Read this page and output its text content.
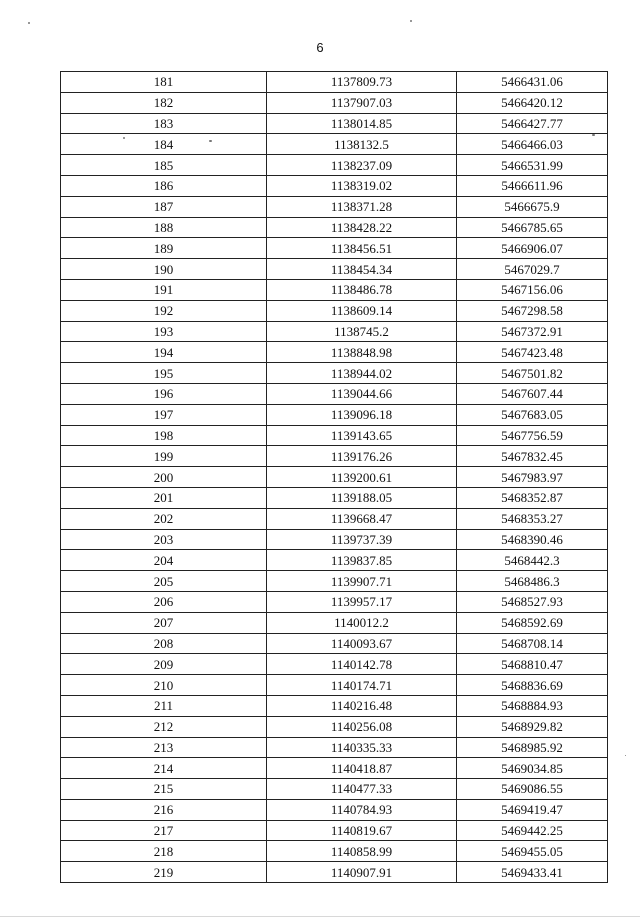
6
181	1137809.73	5466431.06
182	1137907.03	5466420.12
183	1138014.85	5466427.77
184	1138132.5	5466466.03
185	1138237.09	5466531.99
186	1138319.02	5466611.96
187	1138371.28	5466675.9
188	1138428.22	5466785.65
189	1138456.51	5466906.07
190	1138454.34	5467029.7
191	1138486.78	5467156.06
192	1138609.14	5467298.58
193	1138745.2	5467372.91
194	1138848.98	5467423.48
195	1138944.02	5467501.82
196	1139044.66	5467607.44
197	1139096.18	5467683.05
198	1139143.65	5467756.59
199	1139176.26	5467832.45
200	1139200.61	5467983.97
201	1139188.05	5468352.87
202	1139668.47	5468353.27
203	1139737.39	5468390.46
204	1139837.85	5468442.3
205	1139907.71	5468486.3
206	1139957.17	5468527.93
207	1140012.2	5468592.69
208	1140093.67	5468708.14
209	1140142.78	5468810.47
210	1140174.71	5468836.69
211	1140216.48	5468884.93
212	1140256.08	5468929.82
213	1140335.33	5468985.92
214	1140418.87	5469034.85
215	1140477.33	5469086.55
216	1140784.93	5469419.47
217	1140819.67	5469442.25
218	1140858.99	5469455.05
219	1140907.91	5469433.41
